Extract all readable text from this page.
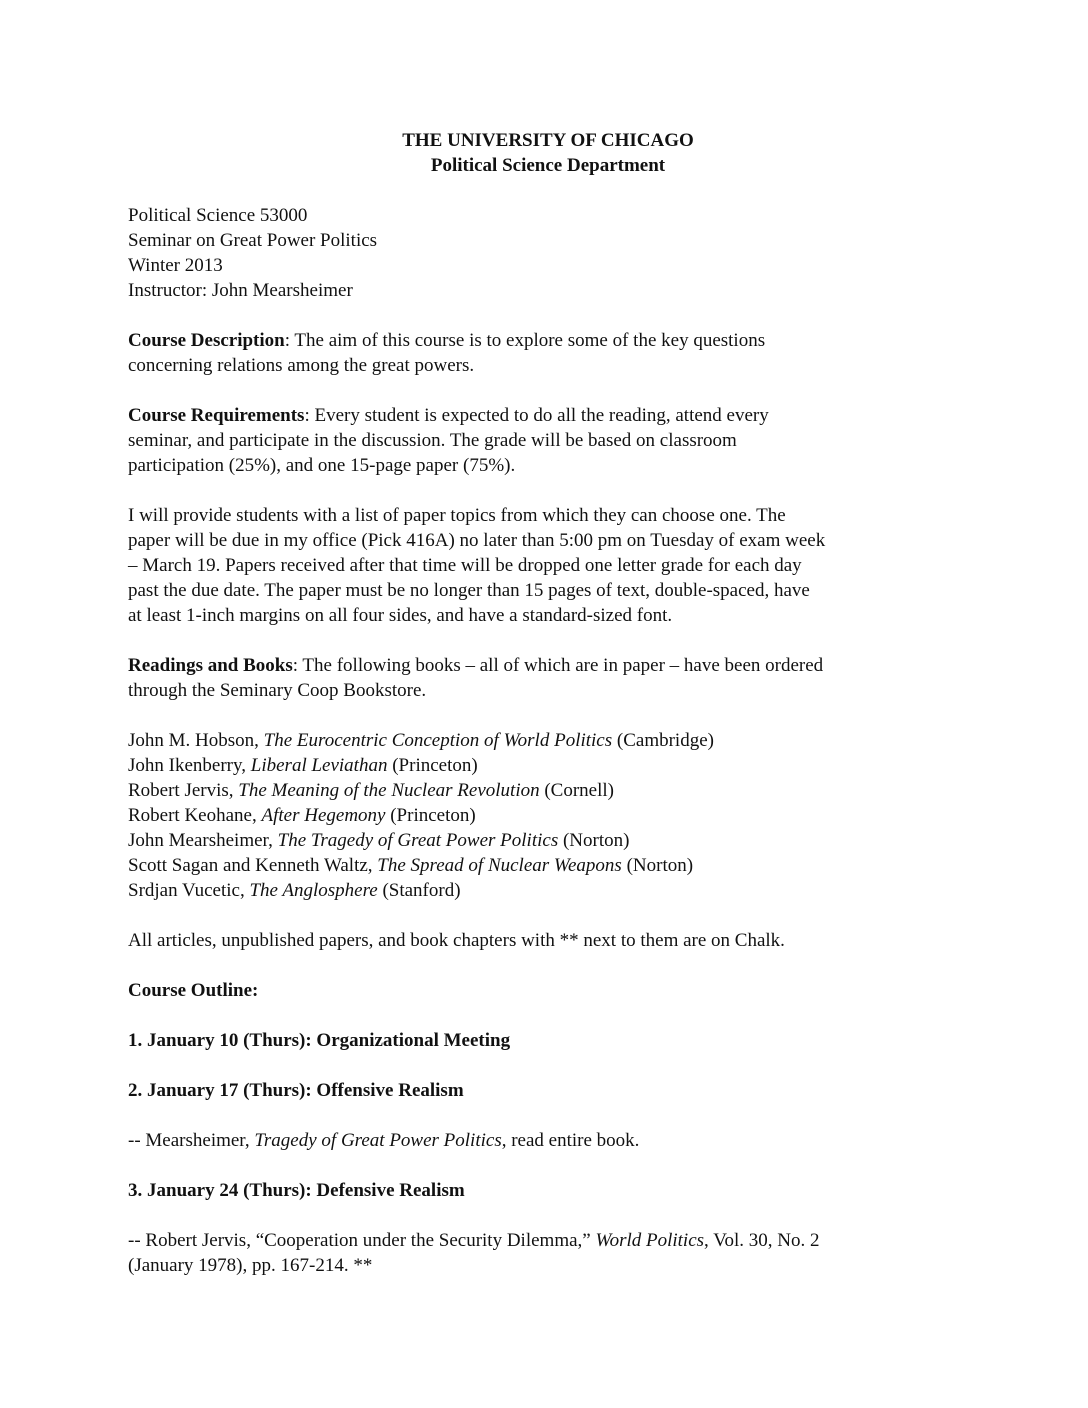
THE UNIVERSITY OF CHICAGO
Political Science Department
Political Science 53000
Seminar on Great Power Politics
Winter 2013
Instructor: John Mearsheimer
Course Description: The aim of this course is to explore some of the key questions
concerning relations among the great powers.
Course Requirements: Every student is expected to do all the reading, attend every
seminar, and participate in the discussion. The grade will be based on classroom
participation (25%), and one 15-page paper (75%).
I will provide students with a list of paper topics from which they can choose one. The
paper will be due in my office (Pick 416A) no later than 5:00 pm on Tuesday of exam week
– March 19. Papers received after that time will be dropped one letter grade for each day
past the due date. The paper must be no longer than 15 pages of text, double-spaced, have
at least 1-inch margins on all four sides, and have a standard-sized font.
Readings and Books: The following books – all of which are in paper – have been ordered
through the Seminary Coop Bookstore.
John M. Hobson, The Eurocentric Conception of World Politics (Cambridge)
John Ikenberry, Liberal Leviathan (Princeton)
Robert Jervis, The Meaning of the Nuclear Revolution (Cornell)
Robert Keohane, After Hegemony (Princeton)
John Mearsheimer, The Tragedy of Great Power Politics (Norton)
Scott Sagan and Kenneth Waltz, The Spread of Nuclear Weapons (Norton)
Srdjan Vucetic, The Anglosphere (Stanford)
All articles, unpublished papers, and book chapters with ** next to them are on Chalk.
Course Outline:
1. January 10 (Thurs): Organizational Meeting
2. January 17 (Thurs): Offensive Realism
-- Mearsheimer, Tragedy of Great Power Politics, read entire book.
3. January 24 (Thurs): Defensive Realism
-- Robert Jervis, “Cooperation under the Security Dilemma,” World Politics, Vol. 30, No. 2
(January 1978), pp. 167-214. **
